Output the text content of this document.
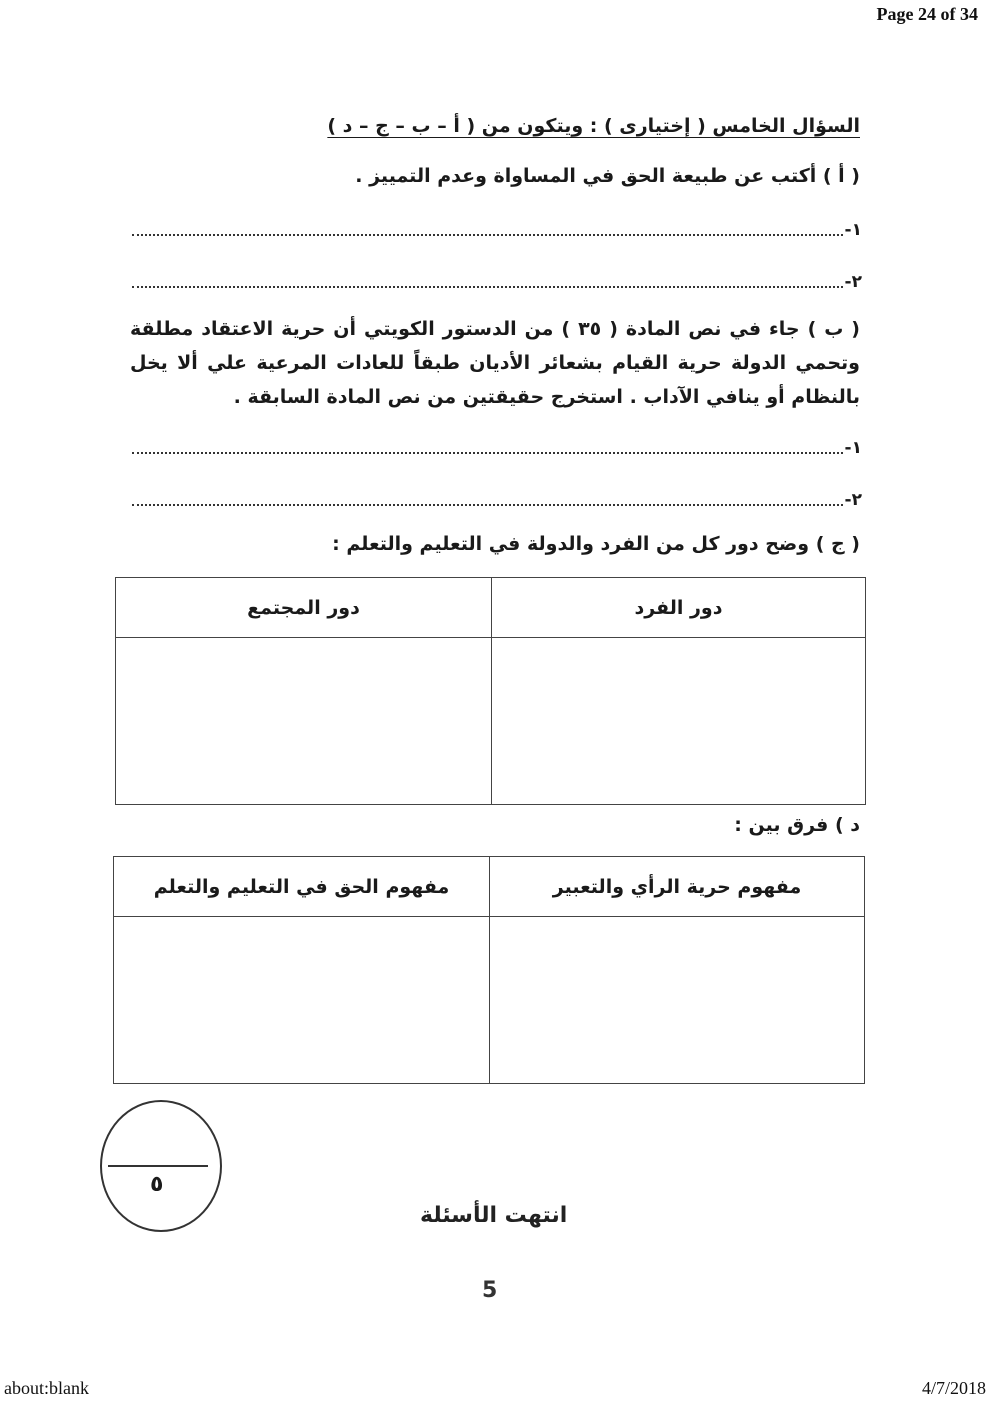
Page 24 of 34
السؤال الخامس ( إختيارى ) : ويتكون من ( أ – ب – ج – د )
( أ ) أكتب عن طبيعة الحق في المساواة وعدم التمييز .
١-
٢-
( ب ) جاء في نص المادة ( ٣٥ ) من الدستور الكويتي أن حرية الاعتقاد مطلقة وتحمي الدولة حرية القيام بشعائر الأديان طبقاً للعادات المرعية علي ألا يخل بالنظام أو ينافي الآداب . استخرج حقيقتين من نص المادة السابقة .
١-
٢-
( ج ) وضح دور كل من الفرد والدولة في التعليم والتعلم :
دور الفرد	دور المجتمع

د ) فرق بين :
مفهوم حرية الرأي والتعبير	مفهوم الحق في التعليم والتعلم

٥
انتهت الأسئلة
5
about:blank	4/7/2018
